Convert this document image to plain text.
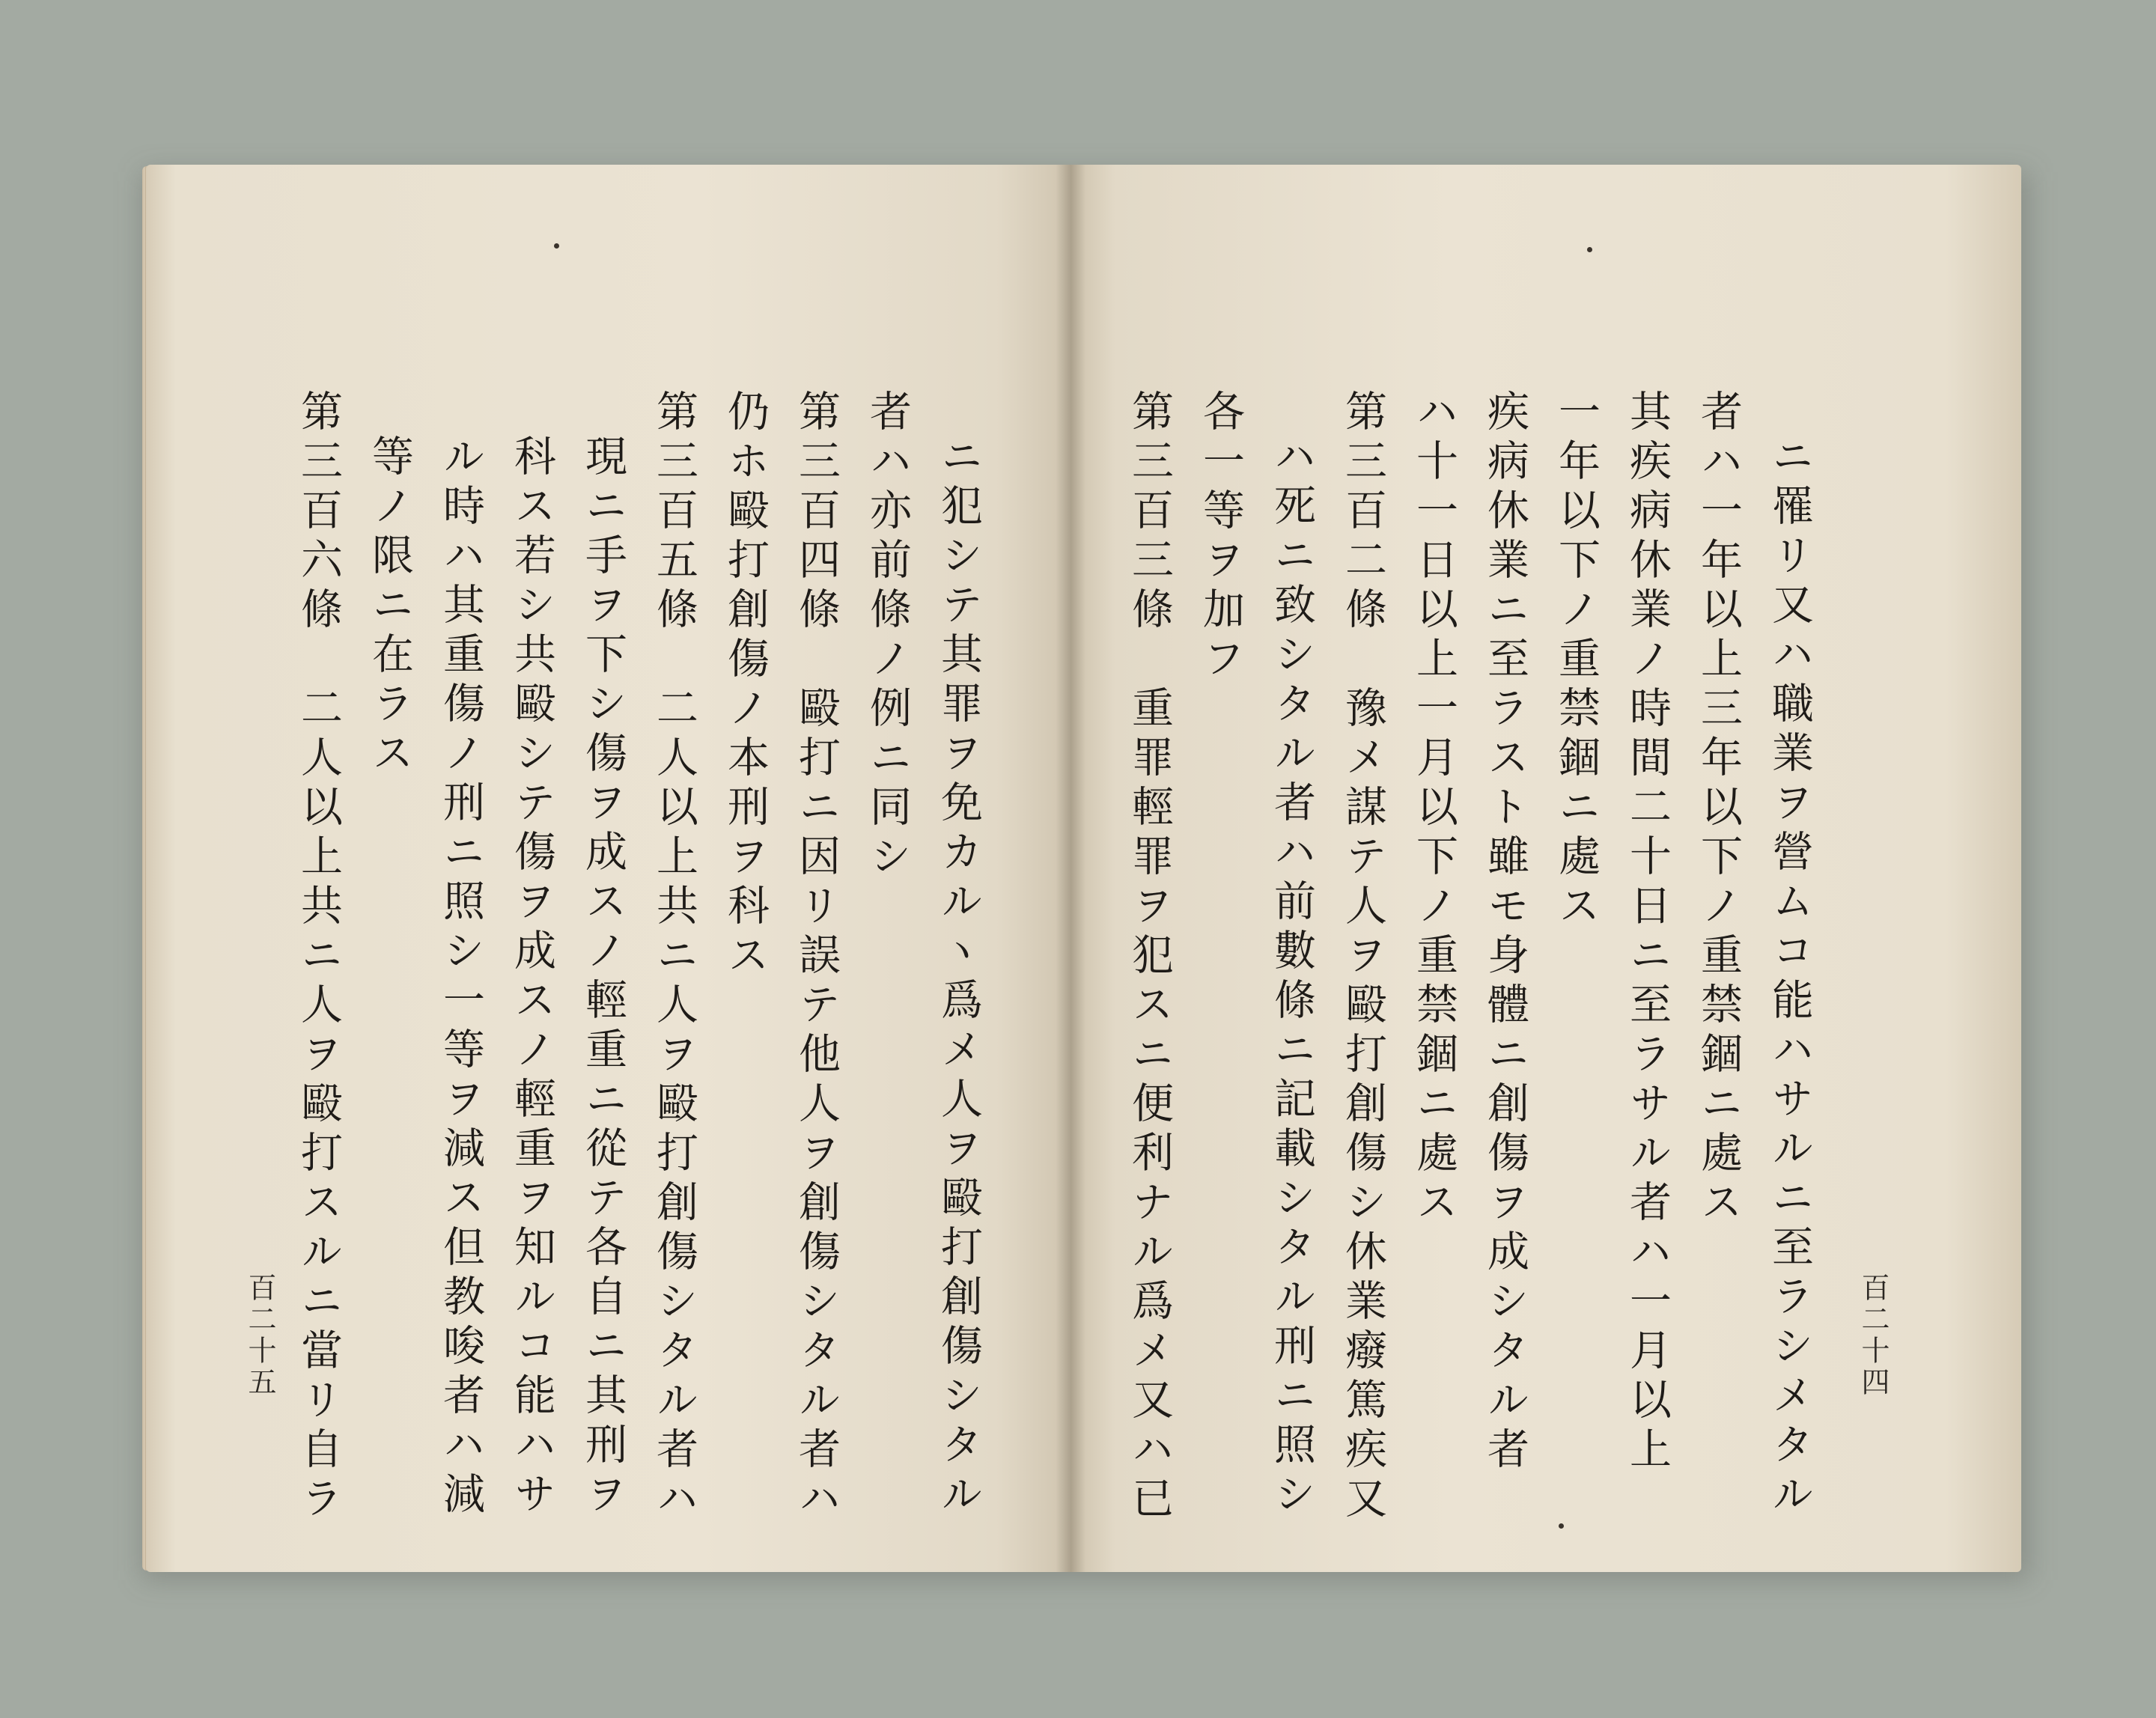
ニ罹リ又ハ職業ヲ營ムコ能ハサルニ至ラシメタル
者ハ一年以上三年以下ノ重禁錮ニ處ス
其疾病休業ノ時間二十日ニ至ラサル者ハ一月以上
一年以下ノ重禁錮ニ處ス
疾病休業ニ至ラスト雖モ身體ニ創傷ヲ成シタル者
ハ十一日以上一月以下ノ重禁錮ニ處ス
第三百二條　豫メ謀テ人ヲ毆打創傷シ休業癈篤疾又
ハ死ニ致シタル者ハ前數條ニ記載シタル刑ニ照シ
各一等ヲ加フ
第三百三條　重罪輕罪ヲ犯スニ便利ナル爲メ又ハ已	百二十四
ニ犯シテ其罪ヲ免カルヽ爲メ人ヲ毆打創傷シタル
者ハ亦前條ノ例ニ同シ
第三百四條　毆打ニ因リ誤テ他人ヲ創傷シタル者ハ
仍ホ毆打創傷ノ本刑ヲ科ス
第三百五條　二人以上共ニ人ヲ毆打創傷シタル者ハ
現ニ手ヲ下シ傷ヲ成スノ輕重ニ從テ各自ニ其刑ヲ
科ス若シ共毆シテ傷ヲ成スノ輕重ヲ知ルコ能ハサ
ル時ハ其重傷ノ刑ニ照シ一等ヲ減ス但教唆者ハ減
等ノ限ニ在ラス
第三百六條　二人以上共ニ人ヲ毆打スルニ當リ自ラ
百二十五
